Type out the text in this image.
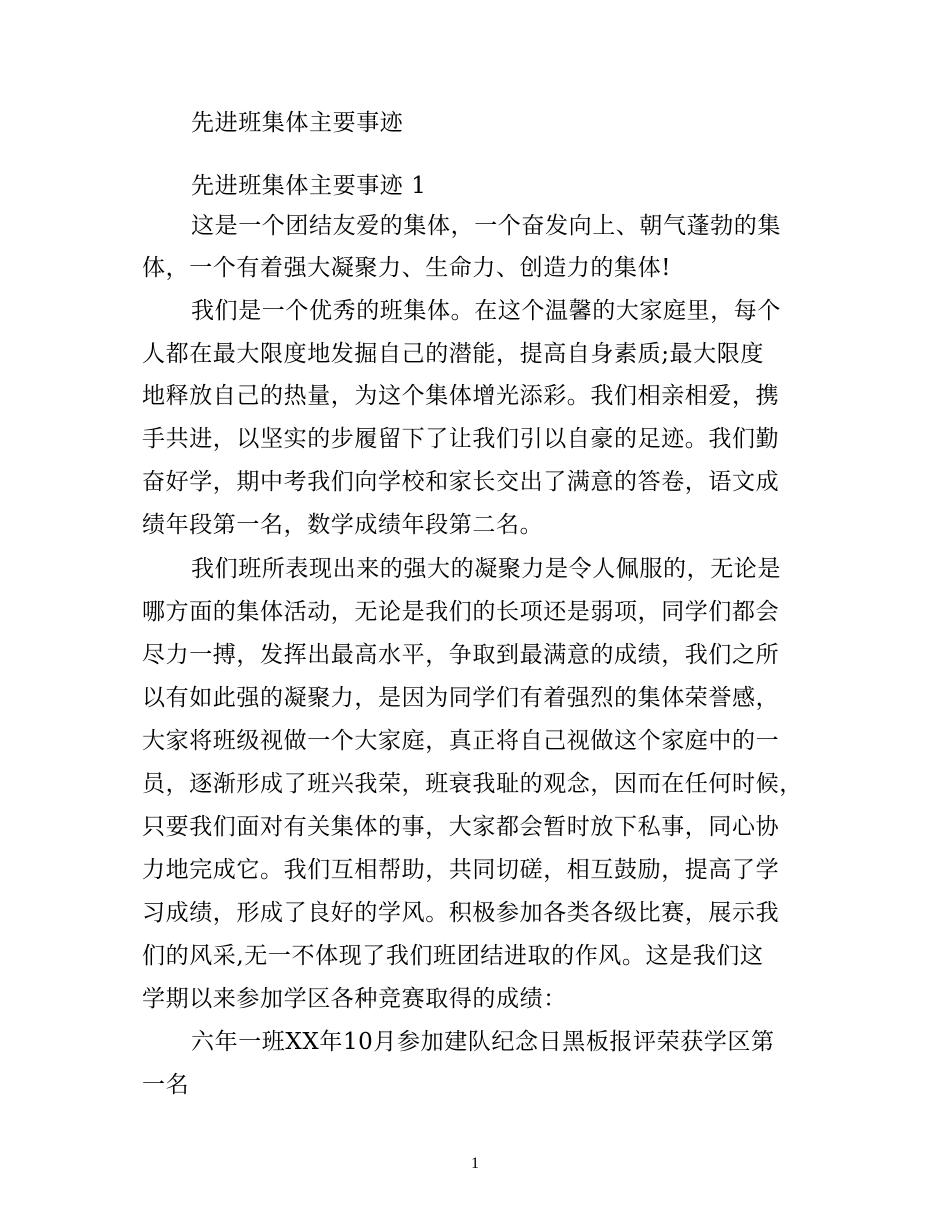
先进班集体主要事迹
先进班集体主要事迹 1
这是一个团结友爱的集体，一个奋发向上、朝气蓬勃的集
体，一个有着强大凝聚力、生命力、创造力的集体!
我们是一个优秀的班集体。在这个温馨的大家庭里，每个
人都在最大限度地发掘自己的潜能，提高自身素质;最大限度
地释放自己的热量，为这个集体增光添彩。我们相亲相爱，携
手共进，以坚实的步履留下了让我们引以自豪的足迹。我们勤
奋好学，期中考我们向学校和家长交出了满意的答卷，语文成
绩年段第一名，数学成绩年段第二名。
我们班所表现出来的强大的凝聚力是令人佩服的，无论是
哪方面的集体活动，无论是我们的长项还是弱项，同学们都会
尽力一搏，发挥出最高水平，争取到最满意的成绩，我们之所
以有如此强的凝聚力，是因为同学们有着强烈的集体荣誉感，
大家将班级视做一个大家庭，真正将自己视做这个家庭中的一
员，逐渐形成了班兴我荣，班衰我耻的观念，因而在任何时候，
只要我们面对有关集体的事，大家都会暂时放下私事，同心协
力地完成它。我们互相帮助，共同切磋，相互鼓励，提高了学
习成绩，形成了良好的学风。积极参加各类各级比赛，展示我
们的风采,无一不体现了我们班团结进取的作风。这是我们这
学期以来参加学区各种竞赛取得的成绩：
六年一班XX年10月参加建队纪念日黑板报评荣获学区第
一名
1
